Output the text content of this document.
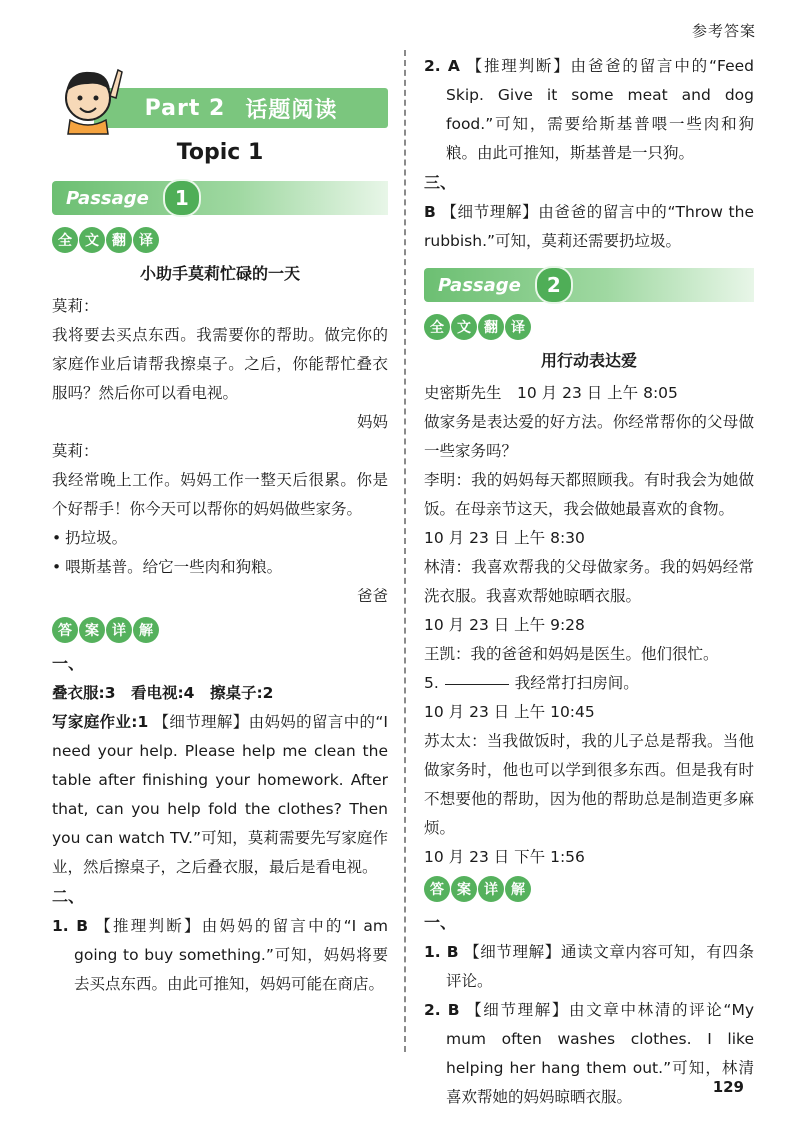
参考答案
Part 2 话题阅读
Topic 1
Passage	1
全 文 翻 译
小助手莫莉忙碌的一天

莫莉：

我将要去买点东西。我需要你的帮助。做完你的家庭作业后请帮我擦桌子。之后，你能帮忙叠衣服吗？然后你可以看电视。

妈妈

莫莉：

我经常晚上工作。妈妈工作一整天后很累。你是个好帮手！你今天可以帮你的妈妈做些家务。

• 扔垃圾。

• 喂斯基普。给它一些肉和狗粮。

爸爸

答 案 详 解
一、

叠衣服:3　看电视:4　擦桌子:2

写家庭作业:1 【细节理解】由妈妈的留言中的“I need your help. Please help me clean the table after finishing your homework. After that, can you help fold the clothes? Then you can watch TV.”可知，莫莉需要先写家庭作业，然后擦桌子，之后叠衣服，最后是看电视。

二、

1. B 【推理判断】由妈妈的留言中的“I am going to buy something.”可知，妈妈将要去买点东西。由此可推知，妈妈可能在商店。

2. A 【推理判断】由爸爸的留言中的“Feed Skip. Give it some meat and dog food.”可知，需要给斯基普喂一些肉和狗粮。由此可推知，斯基普是一只狗。

三、

B 【细节理解】由爸爸的留言中的“Throw the rubbish.”可知，莫莉还需要扔垃圾。

Passage	2
全 文 翻 译
用行动表达爱

史密斯先生　10 月 23 日 上午 8:05

做家务是表达爱的好方法。你经常帮你的父母做一些家务吗？

李明：我的妈妈每天都照顾我。有时我会为她做饭。在母亲节这天，我会做她最喜欢的食物。

10 月 23 日 上午 8:30

林清：我喜欢帮我的父母做家务。我的妈妈经常洗衣服。我喜欢帮她晾晒衣服。

10 月 23 日 上午 9:28

王凯：我的爸爸和妈妈是医生。他们很忙。

5.	我经常打扫房间。

10 月 23 日 上午 10:45

苏太太：当我做饭时，我的儿子总是帮我。当他做家务时，他也可以学到很多东西。但是我有时不想要他的帮助，因为他的帮助总是制造更多麻烦。

10 月 23 日 下午 1:56

答 案 详 解
一、

1. B 【细节理解】通读文章内容可知，有四条评论。

2. B 【细节理解】由文章中林清的评论“My mum often washes clothes. I like helping her hang them out.”可知，林清喜欢帮她的妈妈晾晒衣服。

129
